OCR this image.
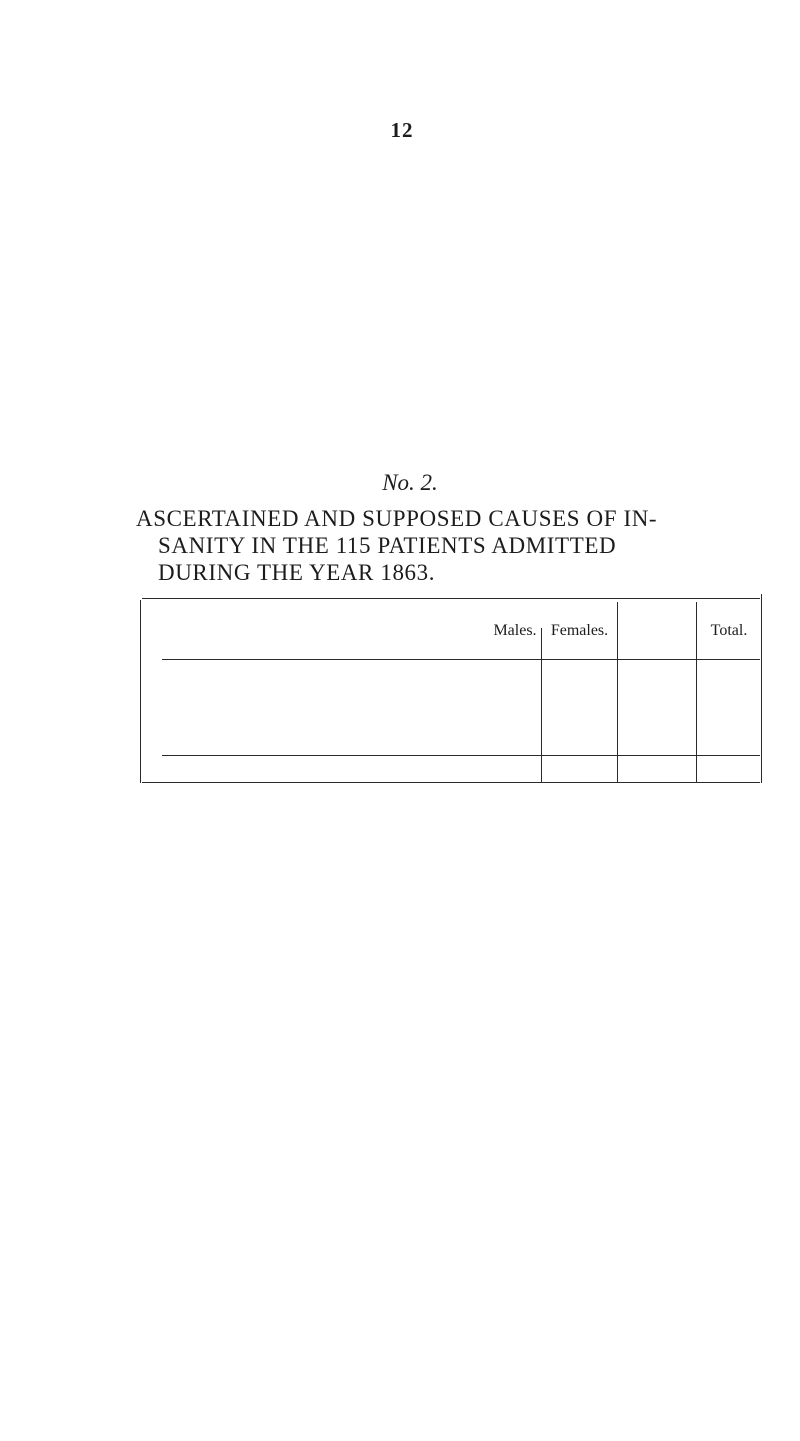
12
No. 2.
ASCERTAINED AND SUPPOSED CAUSES OF IN-
SANITY IN THE 115 PATIENTS ADMITTED
DURING THE YEAR 1863.
Males. Females.	Total.
